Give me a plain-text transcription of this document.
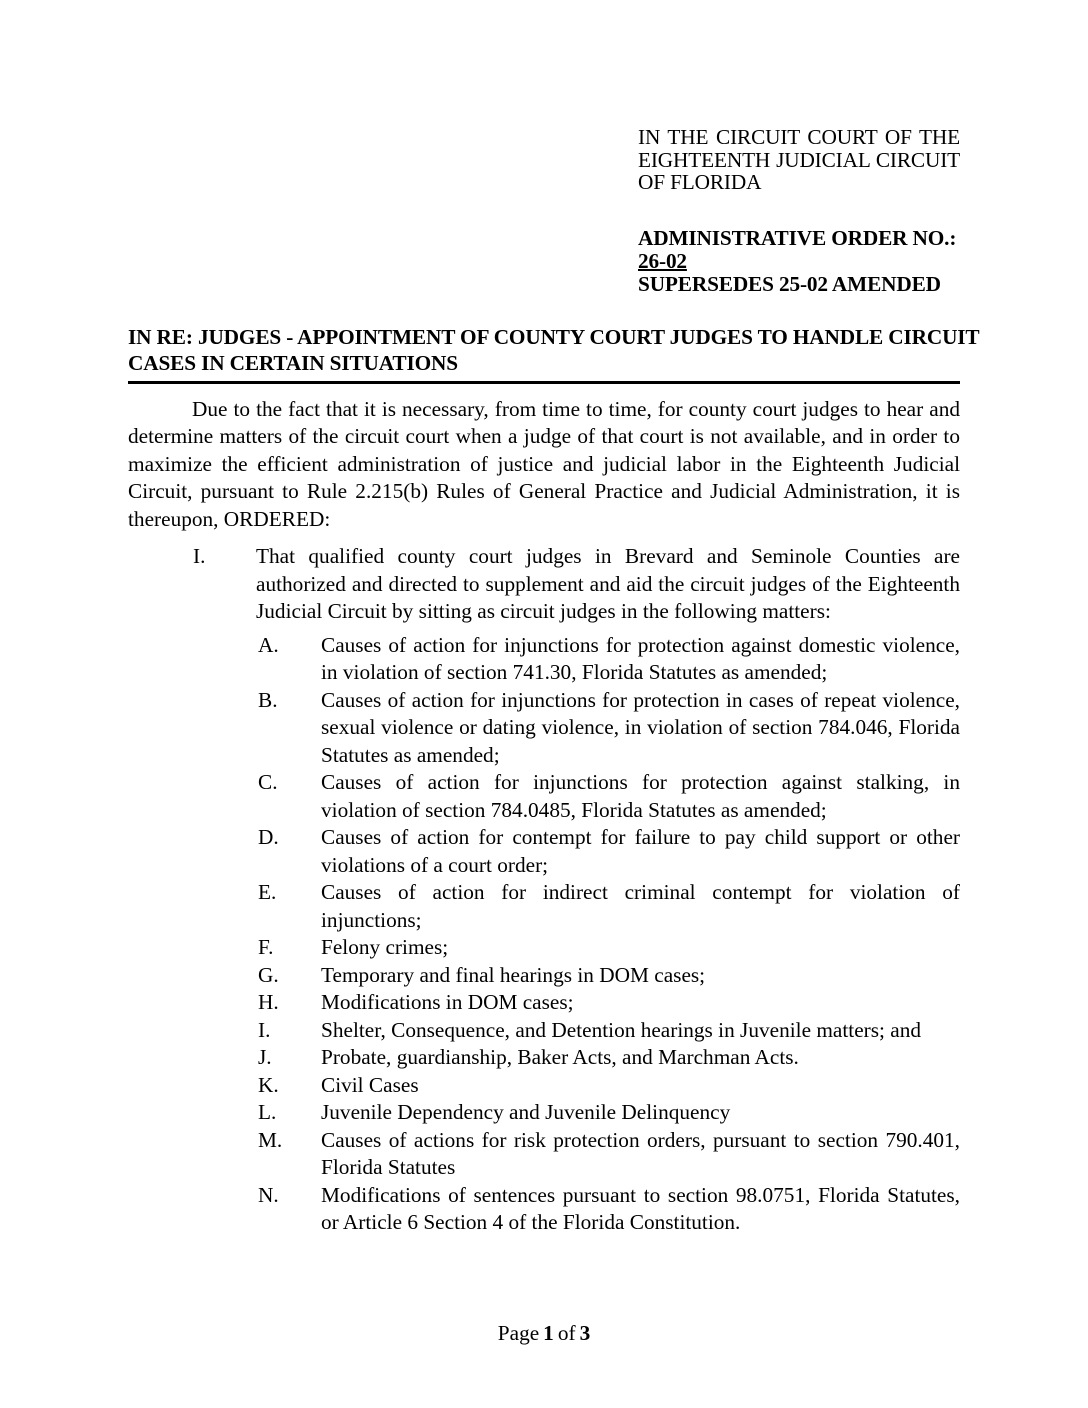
IN THE CIRCUIT COURT OF THE
EIGHTEENTH JUDICIAL CIRCUIT
OF FLORIDA
ADMINISTRATIVE ORDER NO.:
26-02
SUPERSEDES 25-02 AMENDED
IN RE: JUDGES - APPOINTMENT OF COUNTY COURT JUDGES TO HANDLE CIRCUIT
CASES IN CERTAIN SITUATIONS

Due to the fact that it is necessary, from time to time, for county court judges to hear and determine matters of the circuit court when a judge of that court is not available, and in order to maximize the efficient administration of justice and judicial labor in the Eighteenth Judicial Circuit, pursuant to Rule 2.215(b) Rules of General Practice and Judicial Administration, it is thereupon, ORDERED:

I. That qualified county court judges in Brevard and Seminole Counties are authorized and directed to supplement and aid the circuit judges of the Eighteenth Judicial Circuit by sitting as circuit judges in the following matters:
A. Causes of action for injunctions for protection against domestic violence, in violation of section 741.30, Florida Statutes as amended;
B. Causes of action for injunctions for protection in cases of repeat violence, sexual violence or dating violence, in violation of section 784.046, Florida Statutes as amended;
C. Causes of action for injunctions for protection against stalking, in violation of section 784.0485, Florida Statutes as amended;
D. Causes of action for contempt for failure to pay child support or other violations of a court order;
E. Causes of action for indirect criminal contempt for violation of injunctions;
F. Felony crimes;
G. Temporary and final hearings in DOM cases;
H. Modifications in DOM cases;
I. Shelter, Consequence, and Detention hearings in Juvenile matters; and
J. Probate, guardianship, Baker Acts, and Marchman Acts.
K. Civil Cases
L. Juvenile Dependency and Juvenile Delinquency
M. Causes of actions for risk protection orders, pursuant to section 790.401, Florida Statutes
N. Modifications of sentences pursuant to section 98.0751, Florida Statutes, or Article 6 Section 4 of the Florida Constitution.
Page 1 of 3
